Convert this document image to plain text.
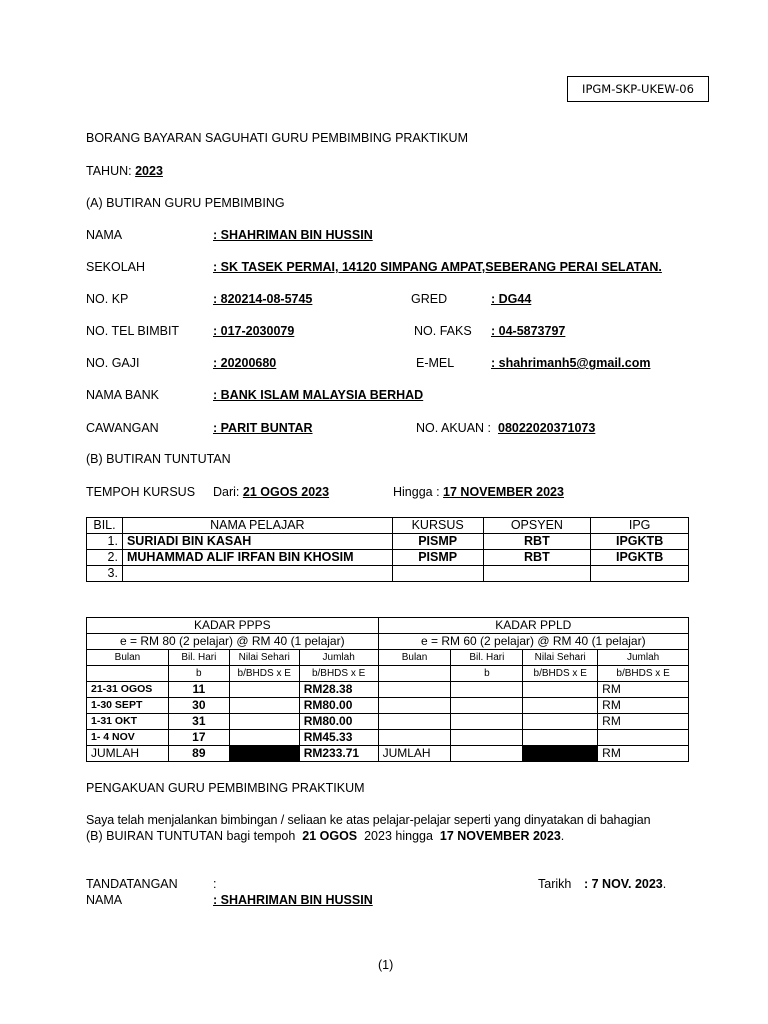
IPGM-SKP-UKEW-06
BORANG BAYARAN SAGUHATI GURU PEMBIMBING PRAKTIKUM
TAHUN: 2023
(A) BUTIRAN GURU PEMBIMBING
NAMA	: SHAHRIMAN BIN HUSSIN
SEKOLAH	: SK TASEK PERMAI, 14120 SIMPANG AMPAT,SEBERANG PERAI SELATAN.
NO. KP	: 820214-08-5745	GRED	: DG44
NO. TEL BIMBIT	: 017-2030079	NO. FAKS : 04-5873797
NO. GAJI	: 20200680	E-MEL	: shahrimanh5@gmail.com
NAMA BANK	: BANK ISLAM MALAYSIA BERHAD
CAWANGAN	: PARIT BUNTAR	NO. AKUAN : 08022020371073
(B) BUTIRAN TUNTUTAN
TEMPOH KURSUS Dari: 21 OGOS 2023	Hingga : 17 NOVEMBER 2023
BIL.	NAMA PELAJAR	KURSUS	OPSYEN	IPG
1.	SURIADI BIN KASAH	PISMP	RBT	IPGKTB
2.	MUHAMMAD ALIF IRFAN BIN KHOSIM	PISMP	RBT	IPGKTB
3.				
KADAR PPPS				KADAR PPLD			
e = RM 80 (2 pelajar) @ RM 40 (1 pelajar)				e = RM 60 (2 pelajar) @ RM 40 (1 pelajar)			
Bulan	Bil. Hari	Nilai Sehari	Jumlah	Bulan	Bil. Hari	Nilai Sehari	Jumlah
	b	b/BHDS x E	b/BHDS x E		b	b/BHDS x E	b/BHDS x E
21-31 OGOS	11		RM28.38				RM
1-30 SEPT	30		RM80.00				RM
1-31 OKT	31		RM80.00				RM
1- 4 NOV	17		RM45.33				
JUMLAH	89		RM233.71	JUMLAH			RM
PENGAKUAN GURU PEMBIMBING PRAKTIKUM
Saya telah menjalankan bimbingan / seliaan ke atas pelajar-pelajar seperti yang dinyatakan di bahagian
(B) BUIRAN TUNTUTAN bagi tempoh 21 OGOS 2023 hingga 17 NOVEMBER 2023.
TANDATANGAN	:	Tarikh : 7 NOV. 2023.
NAMA	: SHAHRIMAN BIN HUSSIN
(1)
